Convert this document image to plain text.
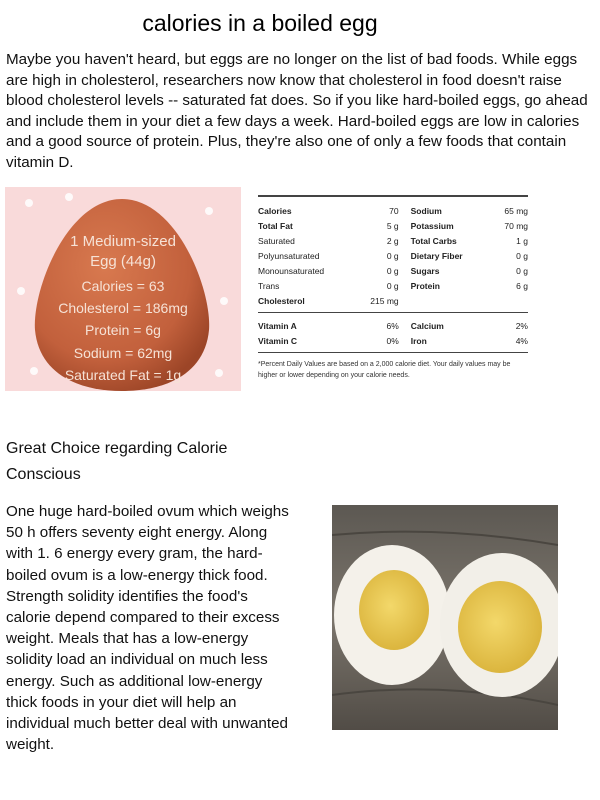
calories in a boiled egg

Maybe you haven't heard, but eggs are no longer on the list of bad foods. While eggs are high in cholesterol, researchers now know that cholesterol in food doesn't raise blood cholesterol levels -- saturated fat does. So if you like hard-boiled eggs, go ahead and include them in your diet a few days a week. Hard-boiled eggs are low in calories and a good source of protein. Plus, they're also one of only a few foods that contain vitamin D.

1 Medium-sized
Egg (44g)
Calories = 63
Cholesterol = 186mg
Protein = 6g
Sodium = 62mg
Saturated Fat = 1g
Calories	70	Sodium	65 mg
Total Fat	5 g	Potassium	70 mg
Saturated	2 g	Total Carbs	1 g
Polyunsaturated	0 g	Dietary Fiber	0 g
Monounsaturated	0 g	Sugars	0 g
Trans	0 g	Protein	6 g
Cholesterol	215 mg		
Vitamin A	6%	Calcium	2%
Vitamin C	0%	Iron	4%
*Percent Daily Values are based on a 2,000 calorie diet. Your daily values may be higher or lower depending on your calorie needs.
Great Choice regarding Calorie Conscious

One huge hard-boiled ovum which weighs 50 h offers seventy eight energy. Along with 1. 6 energy every gram, the hard-boiled ovum is a low-energy thick food. Strength solidity identifies the food's calorie depend compared to their excess weight. Meals that has a low-energy solidity load an individual on much less energy. Such as additional low-energy thick foods in your diet will help an individual much better deal with unwanted weight.
